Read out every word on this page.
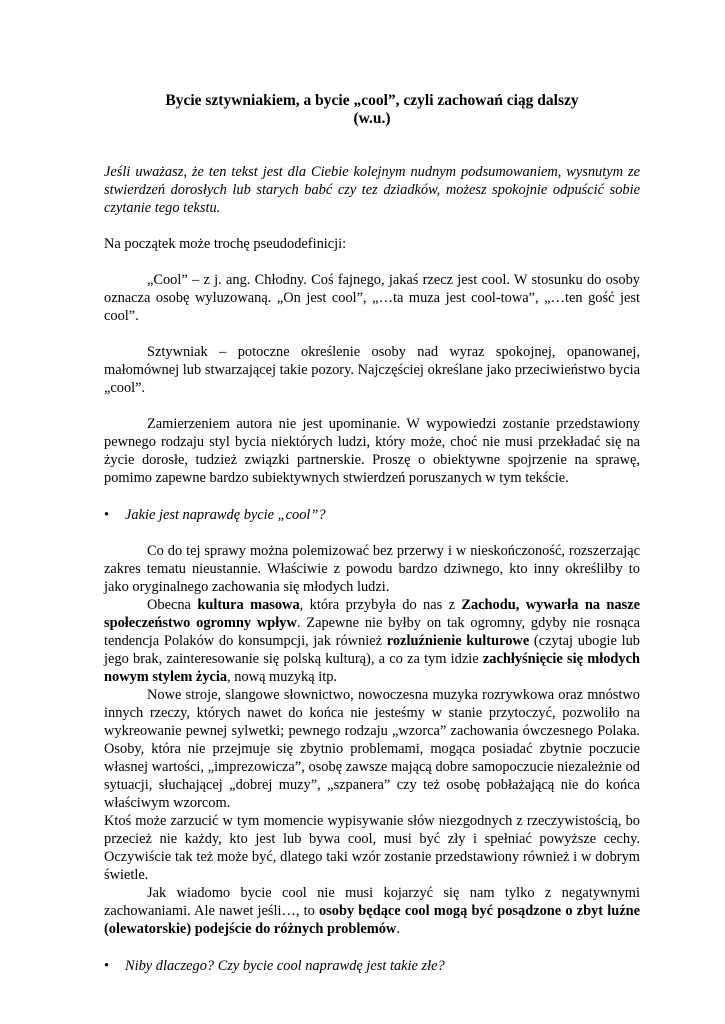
Bycie sztywniakiem, a bycie „cool”, czyli zachowań ciąg dalszy
(w.u.)

Jeśli uważasz, że ten tekst jest dla Ciebie kolejnym nudnym podsumowaniem, wysnutym ze stwierdzeń dorosłych lub starych babć czy tez dziadków, możesz spokojnie odpuścić sobie czytanie tego tekstu.

Na początek może trochę pseudodefinicji:

„Cool” – z j. ang. Chłodny. Coś fajnego, jakaś rzecz jest cool. W stosunku do osoby oznacza osobę wyluzowaną. „On jest cool”, „…ta muza jest cool-towa”, „…ten gość jest cool”.

Sztywniak – potoczne określenie osoby nad wyraz spokojnej, opanowanej, małomównej lub stwarzającej takie pozory. Najczęściej określane jako przeciwieństwo bycia „cool”.

Zamierzeniem autora nie jest upominanie. W wypowiedzi zostanie przedstawiony pewnego rodzaju styl bycia niektórych ludzi, który może, choć nie musi przekładać się na życie dorosłe, tudzież związki partnerskie. Proszę o obiektywne spojrzenie na sprawę, pomimo zapewne bardzo subiektywnych stwierdzeń poruszanych w tym tekście.

•	Jakie jest naprawdę bycie „cool”?

Co do tej sprawy można polemizować bez przerwy i w nieskończoność, rozszerzając zakres tematu nieustannie. Właściwie z powodu bardzo dziwnego, kto inny określiłby to jako oryginalnego zachowania się młodych ludzi.

Obecna kultura masowa, która przybyła do nas z Zachodu, wywarła na nasze społeczeństwo ogromny wpływ. Zapewne nie byłby on tak ogromny, gdyby nie rosnąca tendencja Polaków do konsumpcji, jak również rozluźnienie kulturowe (czytaj ubogie lub jego brak, zainteresowanie się polską kulturą), a co za tym idzie zachłyśnięcie się młodych nowym stylem życia, nową muzyką itp.

Nowe stroje, slangowe słownictwo, nowoczesna muzyka rozrywkowa oraz mnóstwo innych rzeczy, których nawet do końca nie jesteśmy w stanie przytoczyć, pozwoliło na wykreowanie pewnej sylwetki; pewnego rodzaju „wzorca” zachowania ówczesnego Polaka. Osoby, która nie przejmuje się zbytnio problemami, mogąca posiadać zbytnie poczucie własnej wartości, „imprezowicza”, osobę zawsze mającą dobre samopoczucie niezależnie od sytuacji, słuchającej „dobrej muzy”, „szpanera” czy też osobę pobłażającą nie do końca właściwym wzorcom.

Ktoś może zarzucić w tym momencie wypisywanie słów niezgodnych z rzeczywistością, bo przecież nie każdy, kto jest lub bywa cool, musi być zły i spełniać powyższe cechy. Oczywiście tak też może być, dlatego taki wzór zostanie przedstawiony również i w dobrym świetle.

Jak wiadomo bycie cool nie musi kojarzyć się nam tylko z negatywnymi zachowaniami. Ale nawet jeśli…, to osoby będące cool mogą być posądzone o zbyt luźne (olewatorskie) podejście do różnych problemów.

•	Niby dlaczego? Czy bycie cool naprawdę jest takie złe?
